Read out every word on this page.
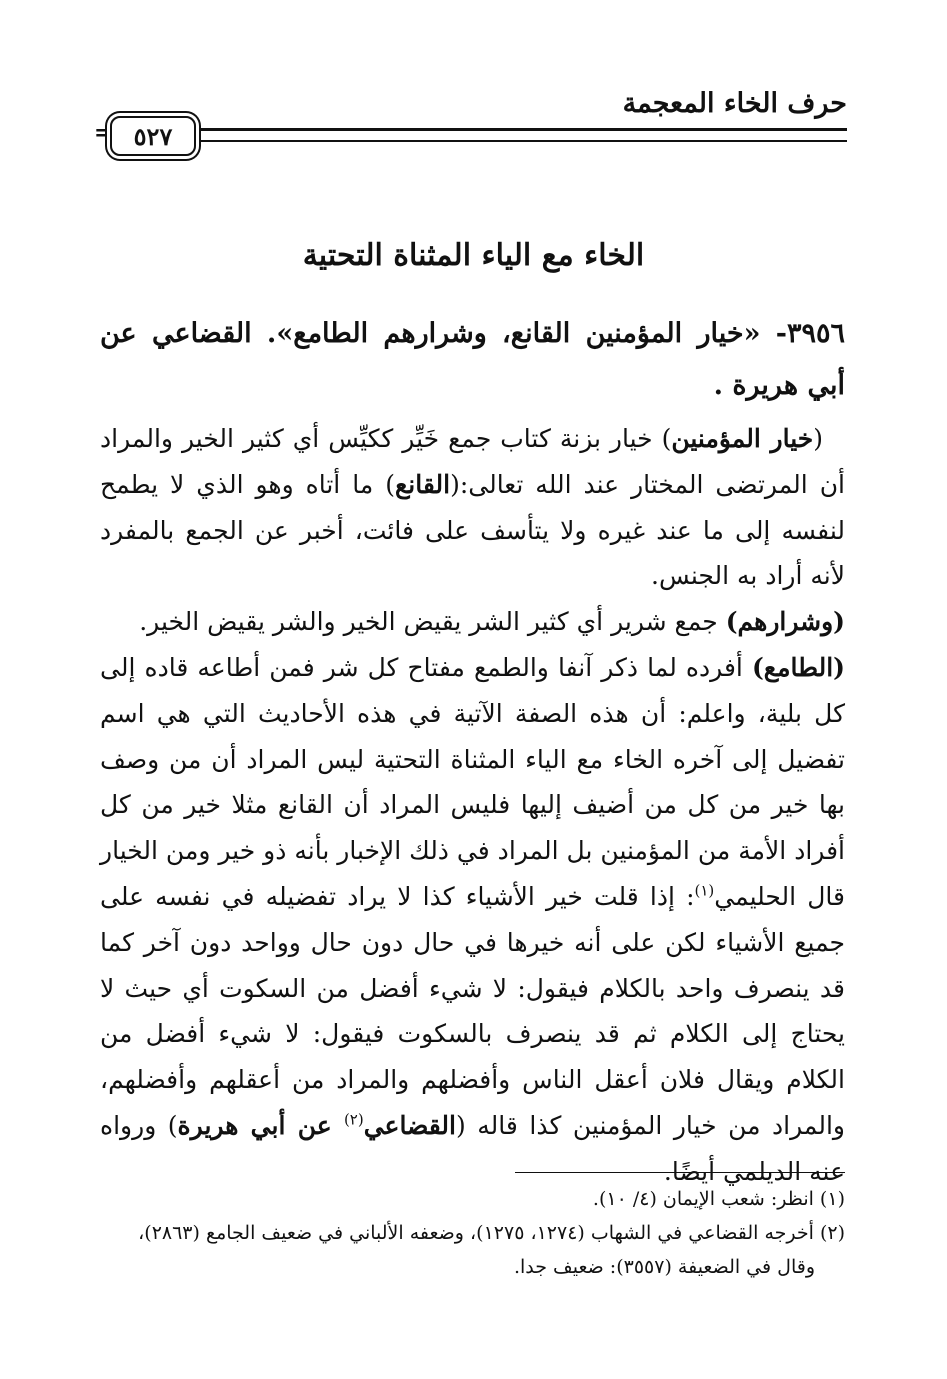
حرف الخاء المعجمة
= ٥٢٧
الخاء مع الياء المثناة التحتية

٣٩٥٦- «خيار المؤمنين القانع، وشرارهم الطامع». القضاعي عن أبي هريرة .

(خيار المؤمنين) خيار بزنة كتاب جمع خَيِّر ككيِّس أي كثير الخير والمراد أن المرتضى المختار عند الله تعالى:(القانع) ما أتاه وهو الذي لا يطمح لنفسه إلى ما عند غيره ولا يتأسف على فائت، أخبر عن الجمع بالمفرد لأنه أراد به الجنس.

(وشرارهم) جمع شرير أي كثير الشر يقيض الخير والشر يقيض الخير.

(الطامع) أفرده لما ذكر آنفا والطمع مفتاح كل شر فمن أطاعه قاده إلى كل بلية، واعلم: أن هذه الصفة الآتية في هذه الأحاديث التي هي اسم تفضيل إلى آخره الخاء مع الياء المثناة التحتية ليس المراد أن من وصف بها خير من كل من أضيف إليها فليس المراد أن القانع مثلا خير من كل أفراد الأمة من المؤمنين بل المراد في ذلك الإخبار بأنه ذو خير ومن الخيار قال الحليمي$^{(١)}$: إذا قلت خير الأشياء كذا لا يراد تفضيله في نفسه على جميع الأشياء لكن على أنه خيرها في حال دون حال وواحد دون آخر كما قد ينصرف واحد بالكلام فيقول: لا شيء أفضل من السكوت أي حيث لا يحتاج إلى الكلام ثم قد ينصرف بالسكوت فيقول: لا شيء أفضل من الكلام ويقال فلان أعقل الناس وأفضلهم والمراد من أعقلهم وأفضلهم، والمراد من خيار المؤمنين كذا قاله (القضاعي$^{(٢)}$ عن أبي هريرة) ورواه عنه الديلمي أيضًا.

(١) انظر: شعب الإيمان (٤/ ١٠).

(٢) أخرجه القضاعي في الشهاب (١٢٧٤، ١٢٧٥)، وضعفه الألباني في ضعيف الجامع (٢٨٦٣)،

وقال في الضعيفة (٣٥٥٧): ضعيف جدا.
